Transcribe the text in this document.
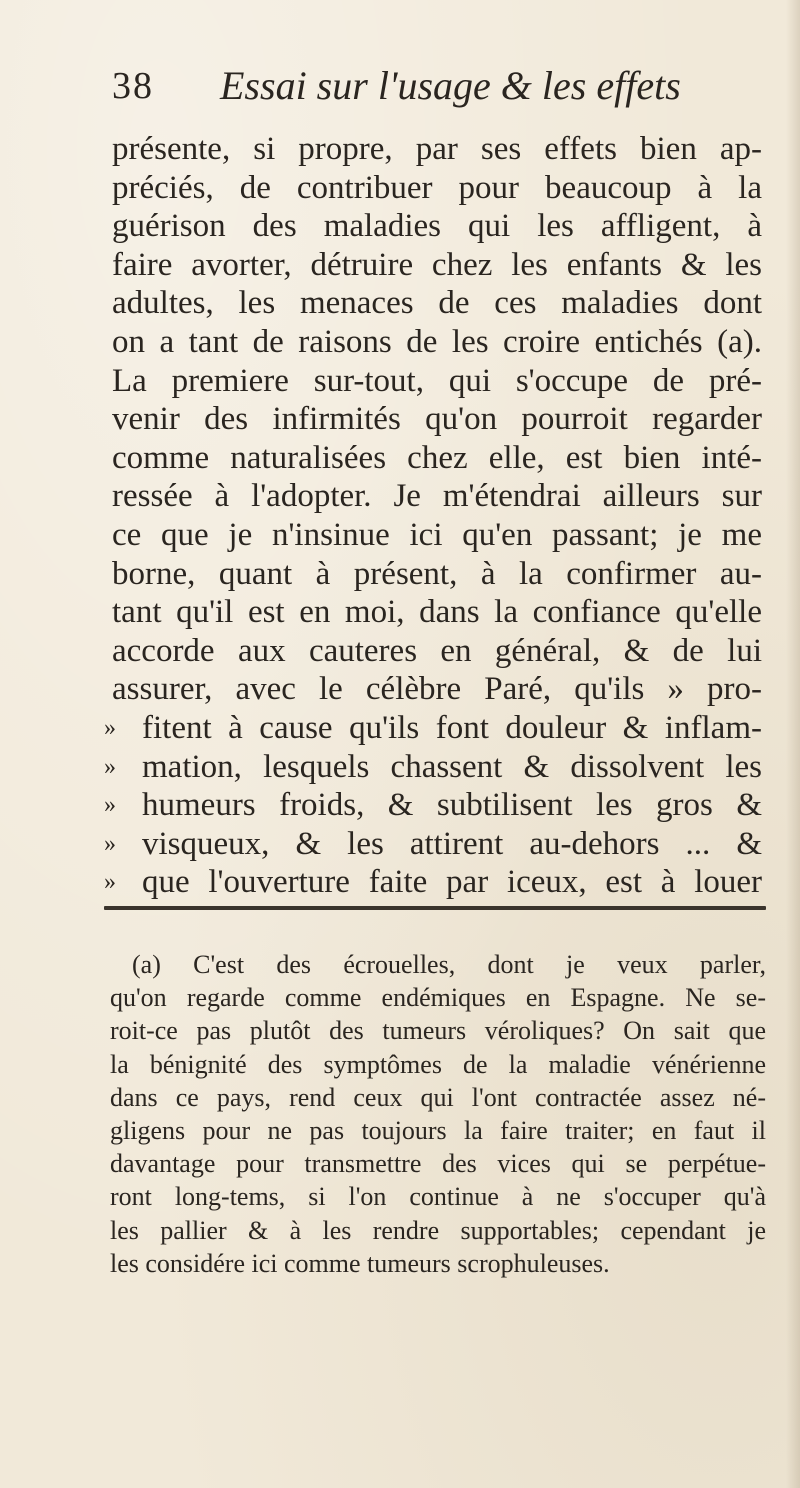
38 Essai sur l'usage & les effets
présente, si propre, par ses effets bien ap-
préciés, de contribuer pour beaucoup à la
guérison des maladies qui les affligent, à
faire avorter, détruire chez les enfants & les
adultes, les menaces de ces maladies dont
on a tant de raisons de les croire entichés (a).
La premiere sur-tout, qui s'occupe de pré-
venir des infirmités qu'on pourroit regarder
comme naturalisées chez elle, est bien inté-
ressée à l'adopter. Je m'étendrai ailleurs sur
ce que je n'insinue ici qu'en passant; je me
borne, quant à présent, à la confirmer au-
tant qu'il est en moi, dans la confiance qu'elle
accorde aux cauteres en général, & de lui
assurer, avec le célèbre Paré, qu'ils » pro-
» fitent à cause qu'ils font douleur & inflam-
» mation, lesquels chassent & dissolvent les
» humeurs froids, & subtilisent les gros &
» visqueux, & les attirent au-dehors ... &
» que l'ouverture faite par iceux, est à louer
(a) C'est des écrouelles, dont je veux parler,
qu'on regarde comme endémiques en Espagne. Ne se-
roit-ce pas plutôt des tumeurs véroliques? On sait que
la bénignité des symptômes de la maladie vénérienne
dans ce pays, rend ceux qui l'ont contractée assez né-
gligens pour ne pas toujours la faire traiter; en faut il
davantage pour transmettre des vices qui se perpétue-
ront long-tems, si l'on continue à ne s'occuper qu'à
les pallier & à les rendre supportables; cependant je
les considére ici comme tumeurs scrophuleuses.
